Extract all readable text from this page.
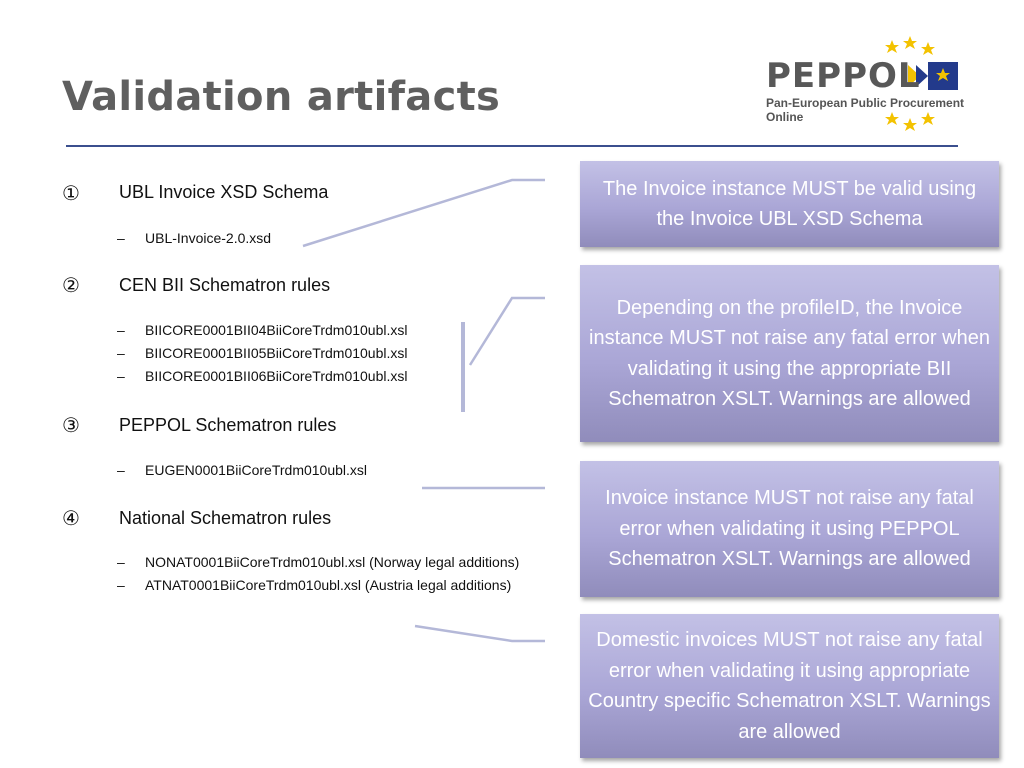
Validation artifacts	PEPPOL
Pan-European Public Procurement Online
① UBL Invoice XSD Schema
– UBL-Invoice-2.0.xsd
② CEN BII Schematron rules
– BIICORE0001BII04BiiCoreTrdm010ubl.xsl
– BIICORE0001BII05BiiCoreTrdm010ubl.xsl
– BIICORE0001BII06BiiCoreTrdm010ubl.xsl
③ PEPPOL Schematron rules
– EUGEN0001BiiCoreTrdm010ubl.xsl
④ National Schematron rules
– NONAT0001BiiCoreTrdm010ubl.xsl (Norway legal additions)
– ATNAT0001BiiCoreTrdm010ubl.xsl (Austria legal additions)
The Invoice instance MUST be valid using the Invoice UBL XSD Schema
Depending on the profileID, the Invoice instance MUST not raise any fatal error when validating it using the appropriate BII Schematron XSLT. Warnings are allowed
Invoice instance MUST not raise any fatal error when validating it using PEPPOL Schematron XSLT. Warnings are allowed
Domestic invoices MUST not raise any fatal error when validating it using appropriate Country specific Schematron XSLT. Warnings are allowed
